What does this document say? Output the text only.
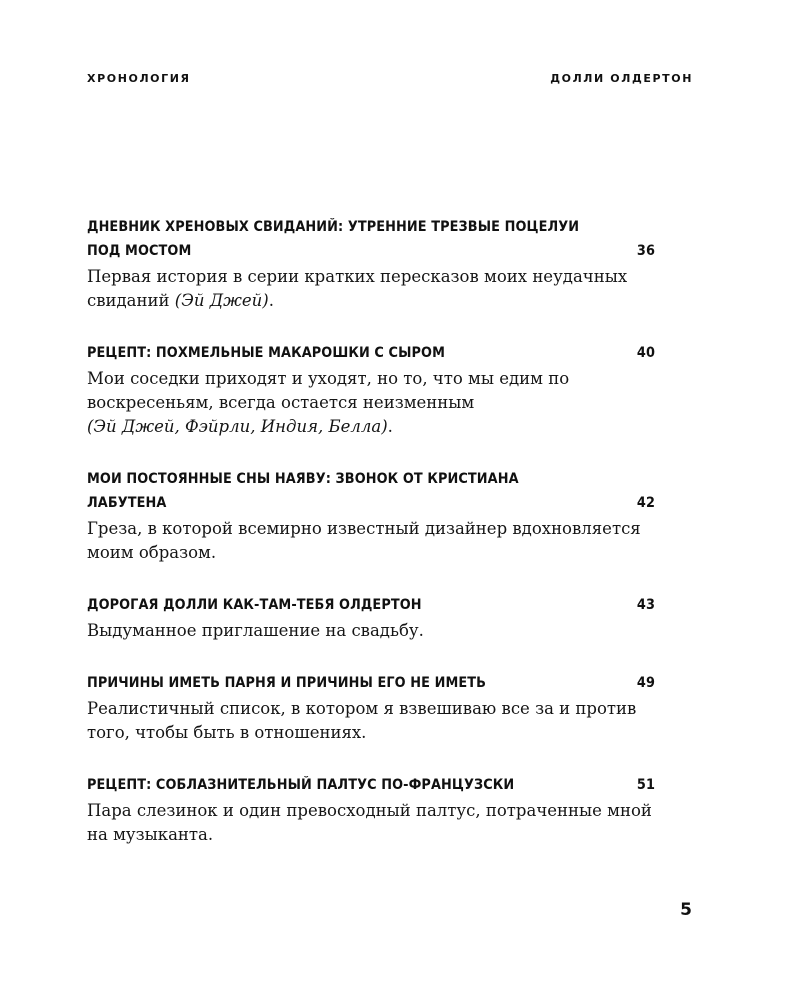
ХРОНОЛОГИЯ	ДОЛЛИ ОЛДЕРТОН
ДНЕВНИК ХРЕНОВЫХ СВИДАНИЙ: УТРЕННИЕ ТРЕЗВЫЕ ПОЦЕЛУИ ПОД МОСТОМ	36
Первая история в серии кратких пересказов моих неудачных свиданий (Эй Джей).
РЕЦЕПТ: ПОХМЕЛЬНЫЕ МАКАРОШКИ С СЫРОМ	40
Мои соседки приходят и уходят, но то, что мы едим по воскресеньям, всегда остается неизменным
(Эй Джей, Фэйрли, Индия, Белла).
МОИ ПОСТОЯННЫЕ СНЫ НАЯВУ: ЗВОНОК ОТ КРИСТИАНА ЛАБУТЕНА	42
Греза, в которой всемирно известный дизайнер вдохновляется моим образом.
ДОРОГАЯ ДОЛЛИ КАК-ТАМ-ТЕБЯ ОЛДЕРТОН	43
Выдуманное приглашение на свадьбу.
ПРИЧИНЫ ИМЕТЬ ПАРНЯ И ПРИЧИНЫ ЕГО НЕ ИМЕТЬ	49
Реалистичный список, в котором я взвешиваю все за и против того, чтобы быть в отношениях.
РЕЦЕПТ: СОБЛАЗНИТЕЛЬНЫЙ ПАЛТУС ПО-ФРАНЦУЗСКИ	51
Пара слезинок и один превосходный палтус, потраченные мной на музыканта.
5
